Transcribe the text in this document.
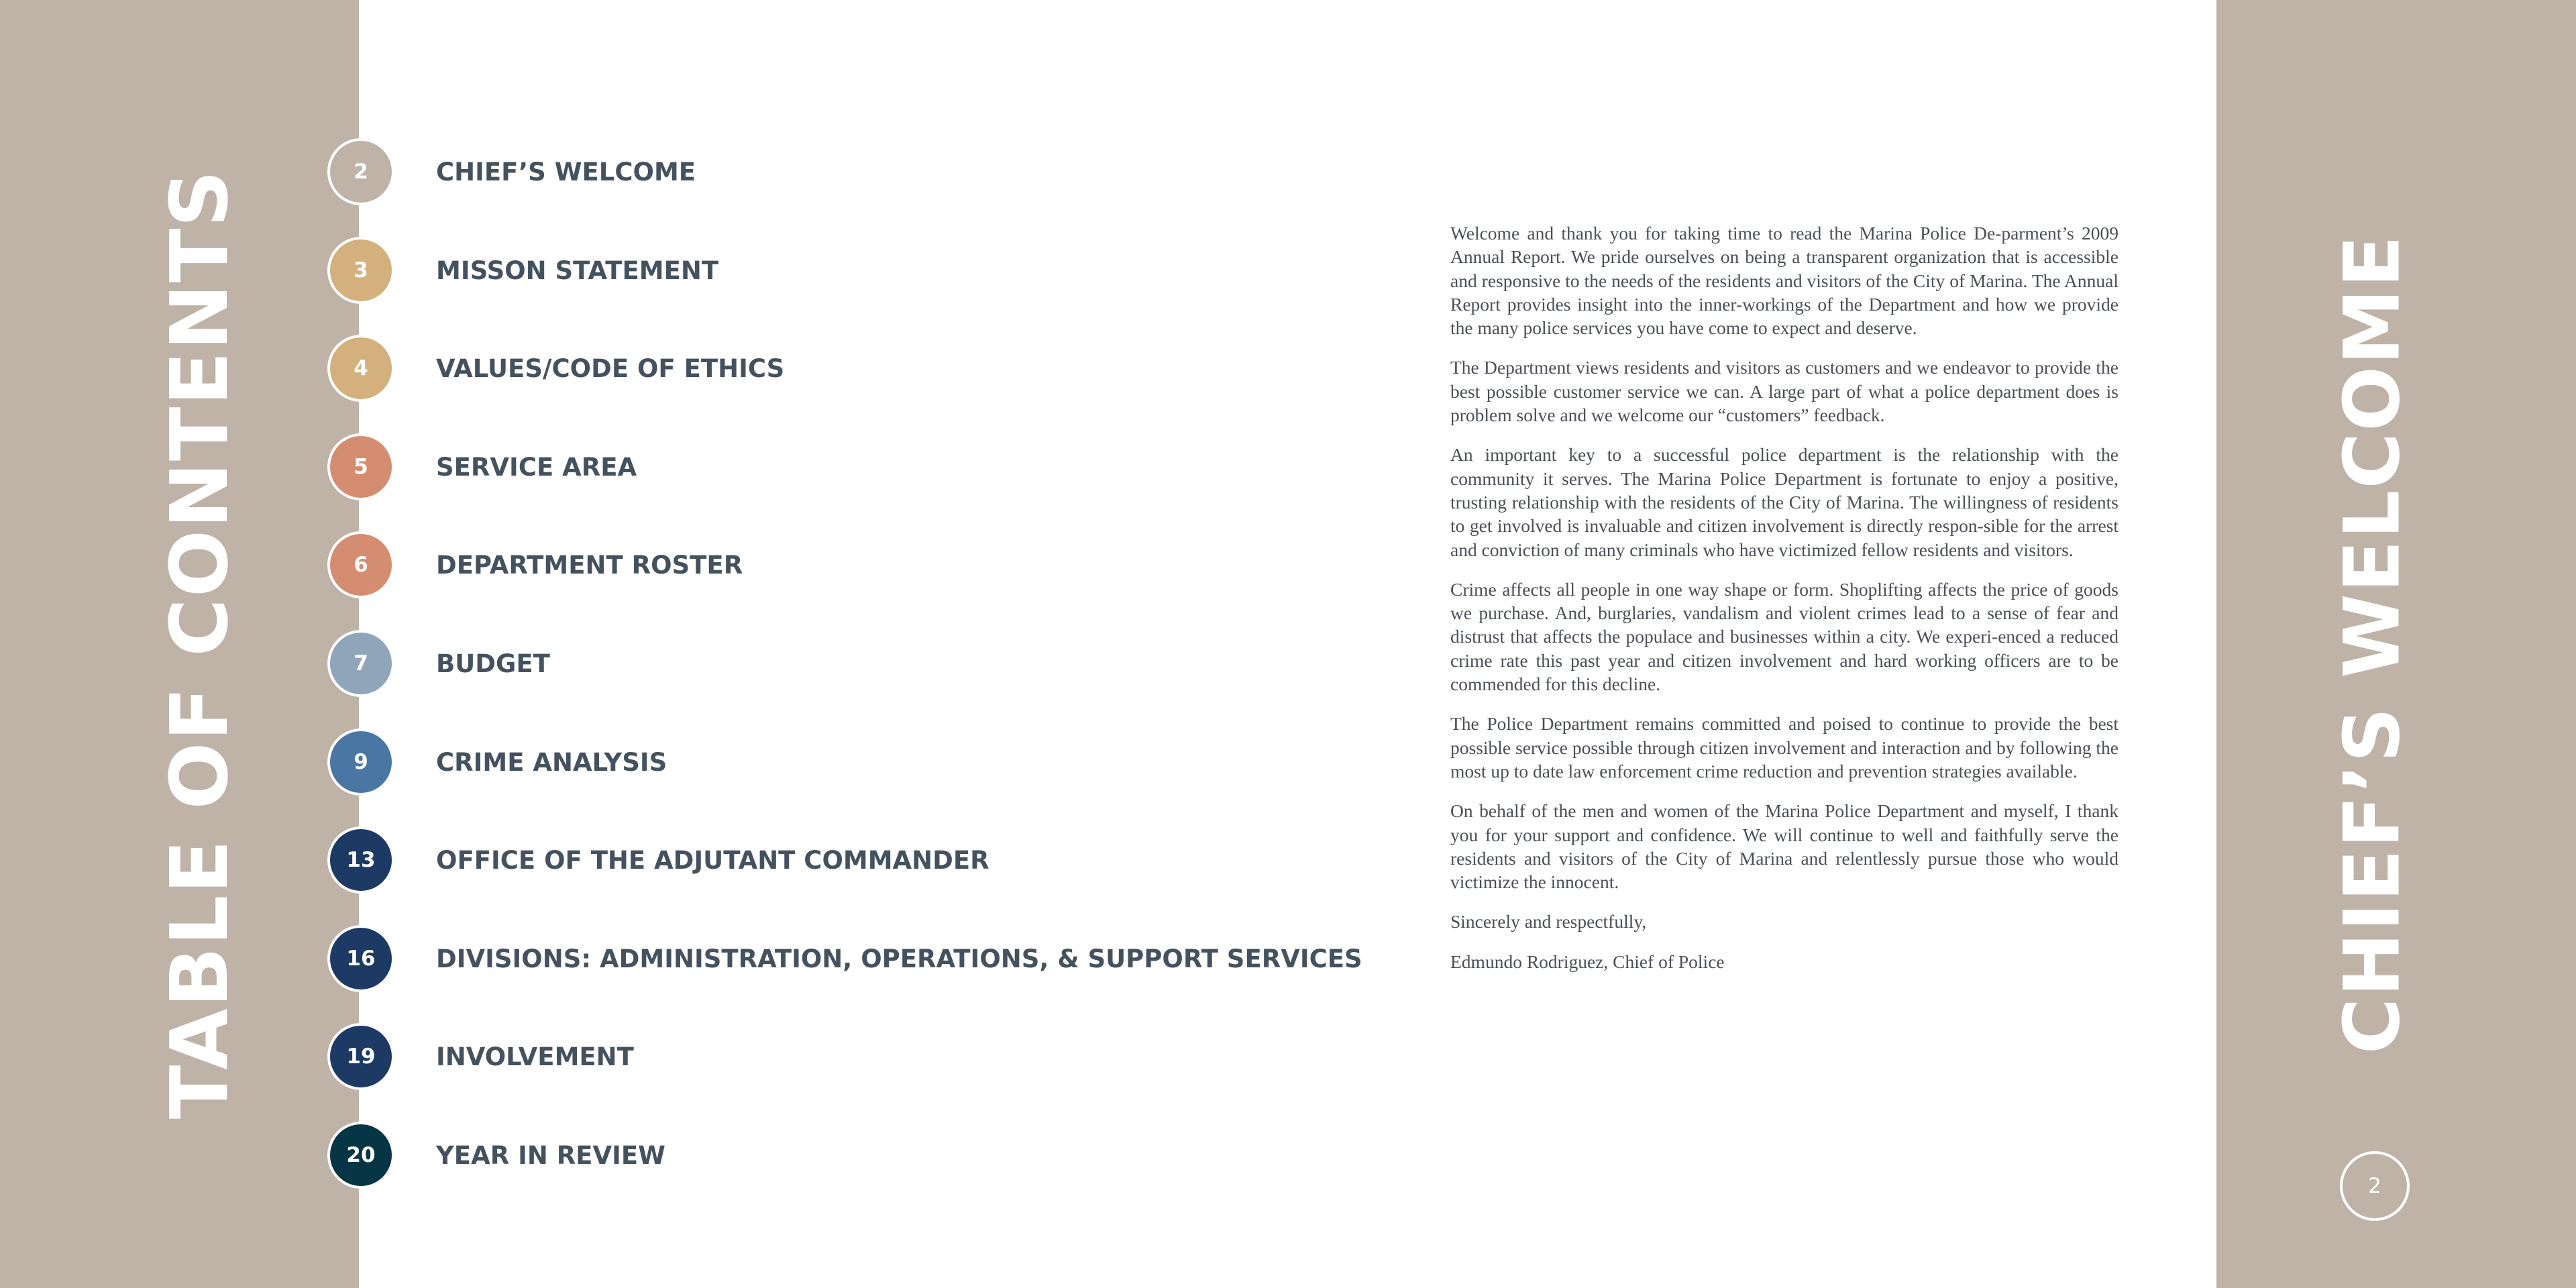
TABLE OF CONTENTS	CHIEF’S WELCOME
2	CHIEF’S WELCOME
3	MISSON STATEMENT
4	VALUES/CODE OF ETHICS
5	SERVICE AREA
6	DEPARTMENT ROSTER
7	BUDGET
9	CRIME ANALYSIS
13	OFFICE OF THE ADJUTANT COMMANDER
16	DIVISIONS: ADMINISTRATION, OPERATIONS, & SUPPORT SERVICES
19	INVOLVEMENT
20	YEAR IN REVIEW

Welcome and thank you for taking time to read the Marina Police De-parment’s 2009 Annual Report. We pride ourselves on being a transparent organization that is accessible and responsive to the needs of the residents and visitors of the City of Marina. The Annual Report provides insight into the inner-workings of the Department and how we provide the many police services you have come to expect and deserve.

The Department views residents and visitors as customers and we endeavor to provide the best possible customer service we can. A large part of what a police department does is problem solve and we welcome our “customers” feedback.

An important key to a successful police department is the relationship with the community it serves. The Marina Police Department is fortunate to enjoy a positive, trusting relationship with the residents of the City of Marina. The willingness of residents to get involved is invaluable and citizen involvement is directly respon-sible for the arrest and conviction of many criminals who have victimized fellow residents and visitors.

Crime affects all people in one way shape or form. Shoplifting affects the price of goods we purchase. And, burglaries, vandalism and violent crimes lead to a sense of fear and distrust that affects the populace and businesses within a city. We experi-enced a reduced crime rate this past year and citizen involvement and hard working officers are to be commended for this decline.

The Police Department remains committed and poised to continue to provide the best possible service possible through citizen involvement and interaction and by following the most up to date law enforcement crime reduction and prevention strategies available.

On behalf of the men and women of the Marina Police Department and myself, I thank you for your support and confidence. We will continue to well and faithfully serve the residents and visitors of the City of Marina and relentlessly pursue those who would victimize the innocent.

Sincerely and respectfully,

Edmundo Rodriguez, Chief of Police

2
